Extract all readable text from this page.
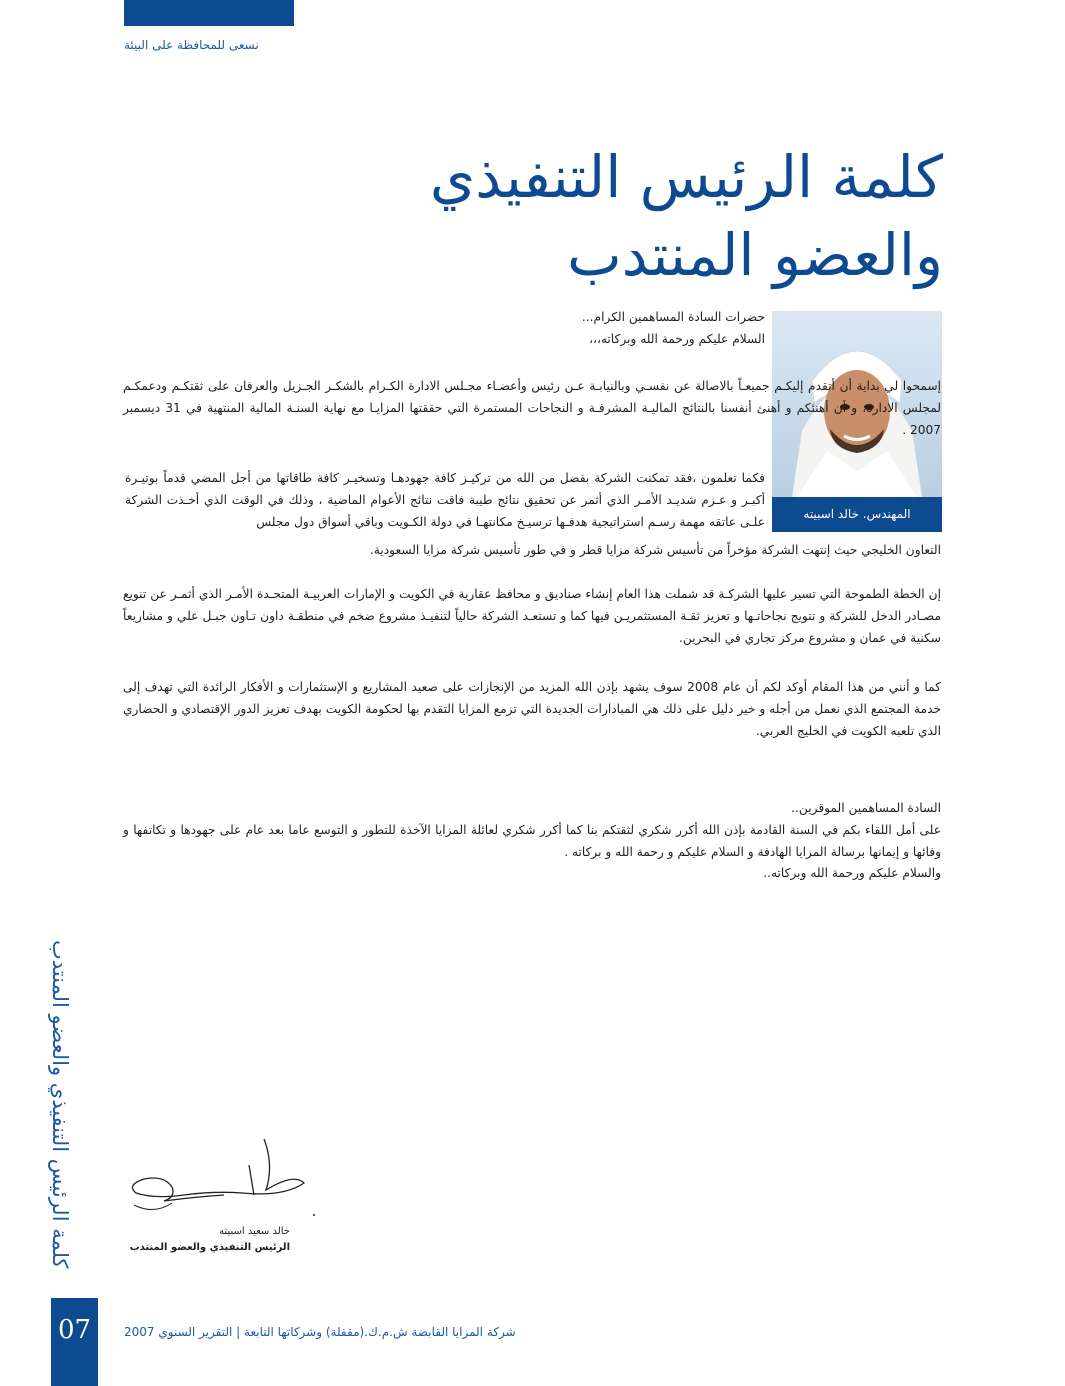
نسعى للمحافظة على البيئة
كلمة الرئيس التنفيذي
والعضو المنتدب
المهندس. خالد اسبيته

حضرات السادة المساهمين الكرام...

السلام عليكم ورحمة الله وبركاته،،،

إسمحوا لي بداية أن أتقدم إليكـم جميعـاً بالاصالة عن نفسـي وبالنيابـة عـن رئيس وأعضـاء مجـلس الادارة الكـرام بالشكـر الجـزيل والعرفان على ثقتكـم ودعمكـم لمجلس الادارة، و أن أهنئكم و أهنئ أنفسنا بالنتائج الماليـة المشرفـة و النجاحات المستمرة التي حققتها المزايـا مع نهاية السنـة المالية المنتهية في 31 ديسمبر 2007 .
فكما تعلمون ،فقد تمكنت الشركة بفضل من الله من تركيـز كافة جهودهـا وتسخيـر كافة طاقاتها من أجل المضي قدماً بوتيـرة أكبـر و عـزم شديـد الأمـر الذي أثمر عن تحقيق نتائج طيبة فاقت نتائج الأعوام الماضية ، وذلك في الوقت الذي أخـذت الشركة علـى عاتقه مهمة رسـم استراتيجية هدفـها ترسيـخ مكانتهـا في دولة الكـويت وباقي أسواق دول مجلس
التعاون الخليجي حيث إنتهت الشركة مؤخراً من تأسيس شركة مزايا قطر و في طور تأسيس شركة مزايا السعودية.
إن الخطة الطموحة التي تسير عليها الشركـة قد شملت هذا العام إنشاء صناديق و محافظ عقارية في الكويت و الإمارات العربيـة المتحـدة الأمـر الذي أثمـر عن تنويع مصـادر الدخل للشركة و تتويج نجاحاتـها و تعزيز ثقـة المستثمريـن فيها كما و تستعـد الشركة حالياً لتنفيـذ مشروع ضخم في منطقـة داون تـاون جبـل علي و مشاريعاً سكنية في عمان و مشروع مركز تجاري في البحرين.
كما و أنني من هذا المقام أوكد لكم أن عام 2008 سوف يشهد بإذن الله المزيد من الإنجازات على صعيد المشاريع و الإستثمارات و الأفكار الرائدة التي تهدف إلى خدمة المجتمع الذي نعمل من أجله و خير دليل على ذلك هي المبادارات الجديدة التي تزمع المزايا التقدم بها لحكومة الكويت بهدف تعزيز الدور الإقتصادي و الحضاري الذي تلعبه الكويت في الخليج العربي.

السادة المساهمين الموقرين..

على أمل اللقاء بكم في السنة القادمة بإذن الله أكرر شكري لثقتكم بنا كما أكرر شكري لعائلة المزايا الآخذة للتطور و التوسع عاما بعد عام على جهودها و تكاتفها و وفائها و إيمانها برسالة المزايا الهادفة و السلام عليكم و رحمة الله و بركاته .

والسلام عليكم ورحمة الله وبركاته..
كلمة الرئيس التنفيذي والعضو المنتدب	خالد سعيد اسبيته
الرئيس التنفيذي والعضو المنتدب
07	شركة المزايا القابضة ش.م.ك.(مقفلة) وشركاتها التابعة | التقرير السنوي 2007
